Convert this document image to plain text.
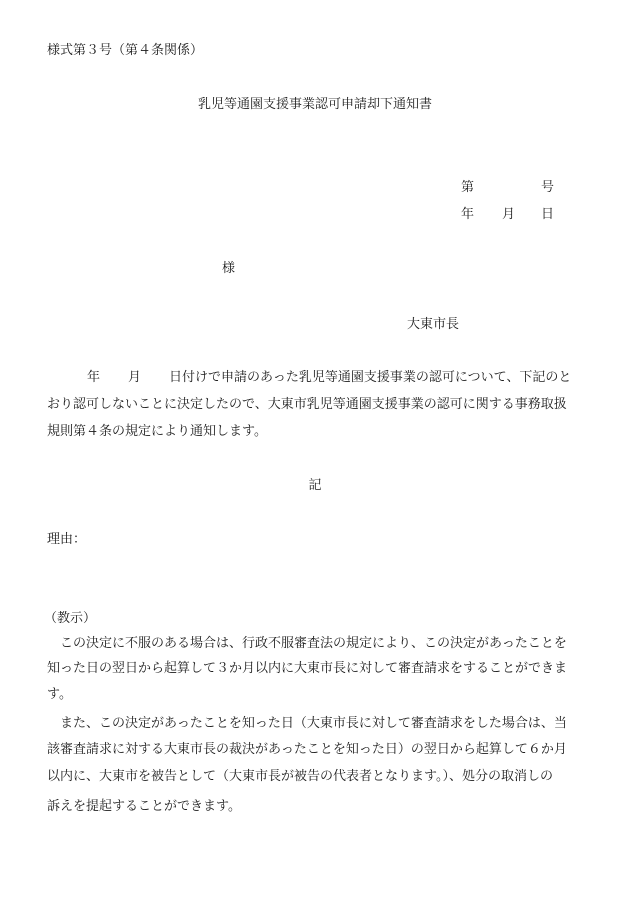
様式第３号（第４条関係）
乳児等通園支援事業認可申請却下通知書
第	号
年 月 日
様
大東市長
年 月 日付けで申請のあった乳児等通園支援事業の認可について、下記のと
おり認可しないことに決定したので、大東市乳児等通園支援事業の認可に関する事務取扱
規則第４条の規定により通知します。
記
理由：
（教示）
　この決定に不服のある場合は、行政不服審査法の規定により、この決定があったことを
知った日の翌日から起算して３か月以内に大東市長に対して審査請求をすることができま
す。
　また、この決定があったことを知った日（大東市長に対して審査請求をした場合は、当
該審査請求に対する大東市長の裁決があったことを知った日）の翌日から起算して６か月
以内に、大東市を被告として（大東市長が被告の代表者となります。）、処分の取消しの
訴えを提起することができます。
